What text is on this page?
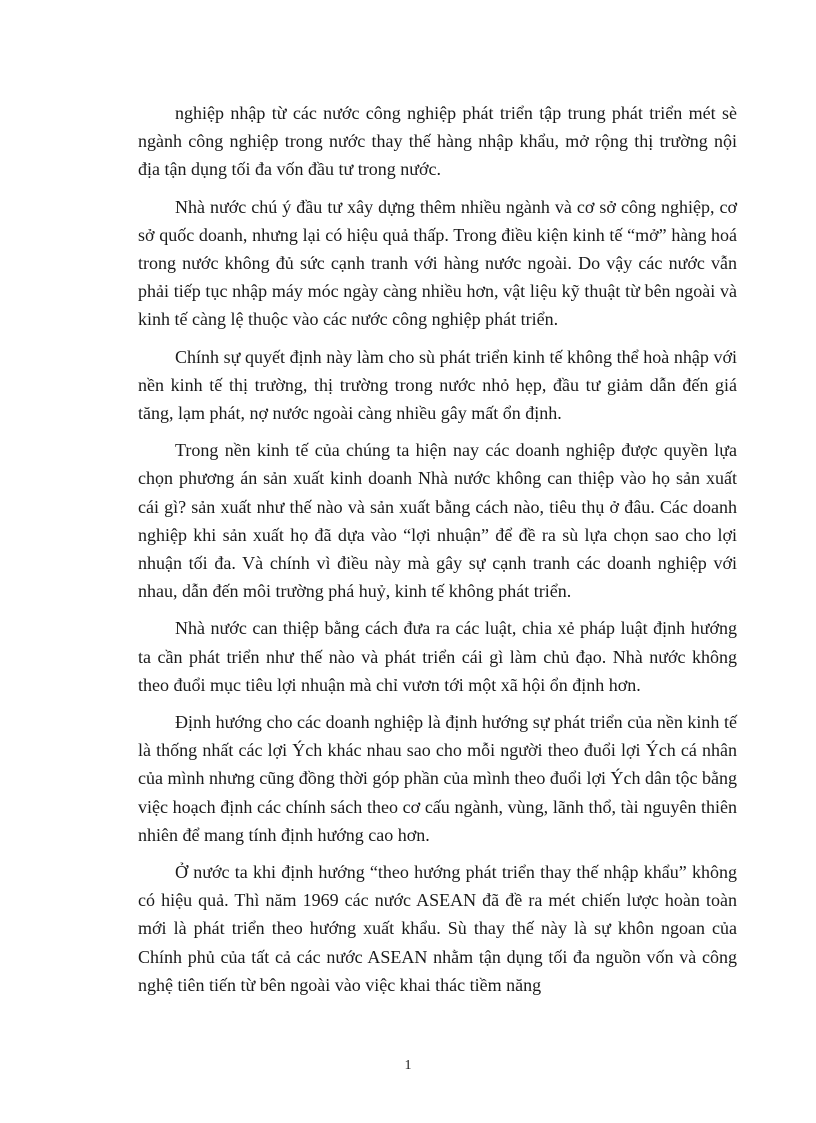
nghiệp nhập từ các nước công nghiệp phát triển tập trung phát triển mét sè ngành công nghiệp trong nước thay thế hàng nhập khẩu, mở rộng thị trường nội địa tận dụng tối đa vốn đầu tư trong nước.

Nhà nước chú ý đầu tư xây dựng thêm nhiều ngành và cơ sở công nghiệp, cơ sở quốc doanh, nhưng lại có hiệu quả thấp. Trong điều kiện kinh tế “mở” hàng hoá trong nước không đủ sức cạnh tranh với hàng nước ngoài. Do vậy các nước vẫn phải tiếp tục nhập máy móc ngày càng nhiều hơn, vật liệu kỹ thuật từ bên ngoài và kinh tế càng lệ thuộc vào các nước công nghiệp phát triển.

Chính sự quyết định này làm cho sù phát triển kinh tế không thể hoà nhập với nền kinh tế thị trường, thị trường trong nước nhỏ hẹp, đầu tư giảm dẫn đến giá tăng, lạm phát, nợ nước ngoài càng nhiều gây mất ổn định.

Trong nền kinh tế của chúng ta hiện nay các doanh nghiệp được quyền lựa chọn phương án sản xuất kinh doanh Nhà nước không can thiệp vào họ sản xuất cái gì? sản xuất như thế nào và sản xuất bằng cách nào, tiêu thụ ở đâu. Các doanh nghiệp khi sản xuất họ đã dựa vào “lợi nhuận” để đề ra sù lựa chọn sao cho lợi nhuận tối đa. Và chính vì điều này mà gây sự cạnh tranh các doanh nghiệp với nhau, dẫn đến môi trường phá huỷ, kinh tế không phát triển.

Nhà nước can thiệp bằng cách đưa ra các luật, chia xẻ pháp luật định hướng ta cần phát triển như thế nào và phát triển cái gì làm chủ đạo. Nhà nước không theo đuổi mục tiêu lợi nhuận mà chỉ vươn tới một xã hội ổn định hơn.

Định hướng cho các doanh nghiệp là định hướng sự phát triển của nền kinh tế là thống nhất các lợi Ých khác nhau sao cho mỗi người theo đuổi lợi Ých cá nhân của mình nhưng cũng đồng thời góp phần của mình theo đuổi lợi Ých dân tộc bằng việc hoạch định các chính sách theo cơ cấu ngành, vùng, lãnh thổ, tài nguyên thiên nhiên để mang tính định hướng cao hơn.

Ở nước ta khi định hướng “theo hướng phát triển thay thế nhập khẩu” không có hiệu quả. Thì năm 1969 các nước ASEAN đã đề ra mét chiến lược hoàn toàn mới là phát triển theo hướng xuất khẩu. Sù thay thế này là sự khôn ngoan của Chính phủ của tất cả các nước ASEAN nhằm tận dụng tối đa nguồn vốn và công nghệ tiên tiến từ bên ngoài vào việc khai thác tiềm năng

1
